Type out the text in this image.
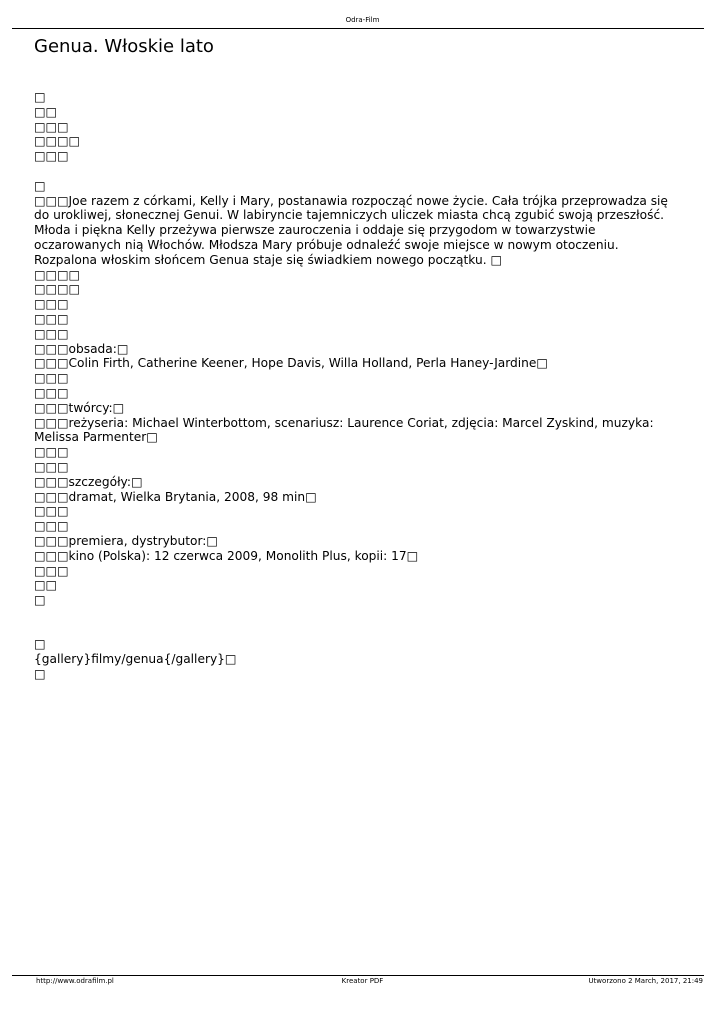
Odra-Film
Genua. Włoskie lato
□
□□
□□□
□□□□
□□□
□
□□□Joe razem z córkami, Kelly i Mary, postanawia rozpocząć nowe życie. Cała trójka przeprowadza się do urokliwej, słonecznej Genui. W labiryncie tajemniczych uliczek miasta chcą zgubić swoją przeszłość. Młoda i piękna Kelly przeżywa pierwsze zauroczenia i oddaje się przygodom w towarzystwie oczarowanych nią Włochów. Młodsza Mary próbuje odnaleźć swoje miejsce w nowym otoczeniu. Rozpalona włoskim słońcem Genua staje się świadkiem nowego początku. □
□□□□
□□□□
□□□
□□□
□□□
□□□obsada:□
□□□Colin Firth, Catherine Keener, Hope Davis, Willa Holland, Perla Haney-Jardine□
□□□
□□□
□□□twórcy:□
□□□reżyseria: Michael Winterbottom, scenariusz: Laurence Coriat, zdjęcia: Marcel Zyskind, muzyka: Melissa Parmenter□
□□□
□□□
□□□szczegóły:□
□□□dramat, Wielka Brytania, 2008, 98 min□
□□□
□□□
□□□premiera, dystrybutor:□
□□□kino (Polska): 12 czerwca 2009, Monolith Plus, kopii: 17□
□□□
□□
□
□
{gallery}filmy/genua{/gallery}□
□
http://www.odrafilm.pl	Kreator PDF	Utworzono 2 March, 2017, 21:49
